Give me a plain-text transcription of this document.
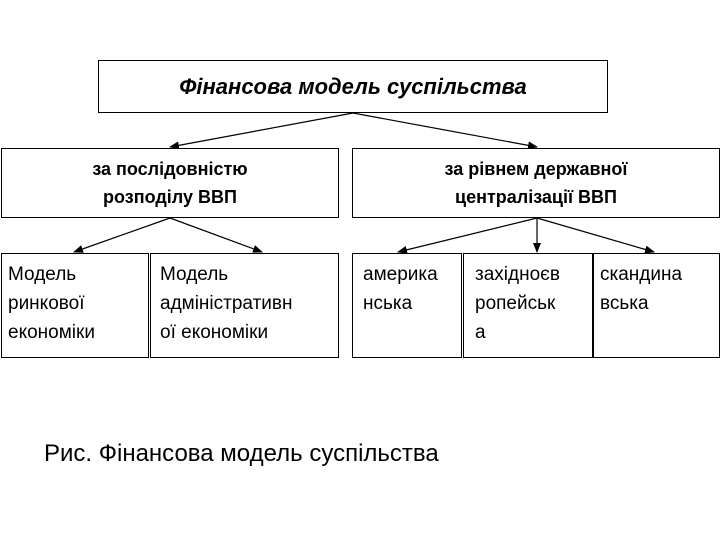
Фінансова модель суспільства
за послідовністю
розподілу ВВП
за рівнем державної
централізації ВВП
Модель
ринкової
економіки
Модель
адміністративн
ої економіки
америка
нська
західноєв
ропейськ
а
скандина
вська
Рис. Фінансова модель суспільства
